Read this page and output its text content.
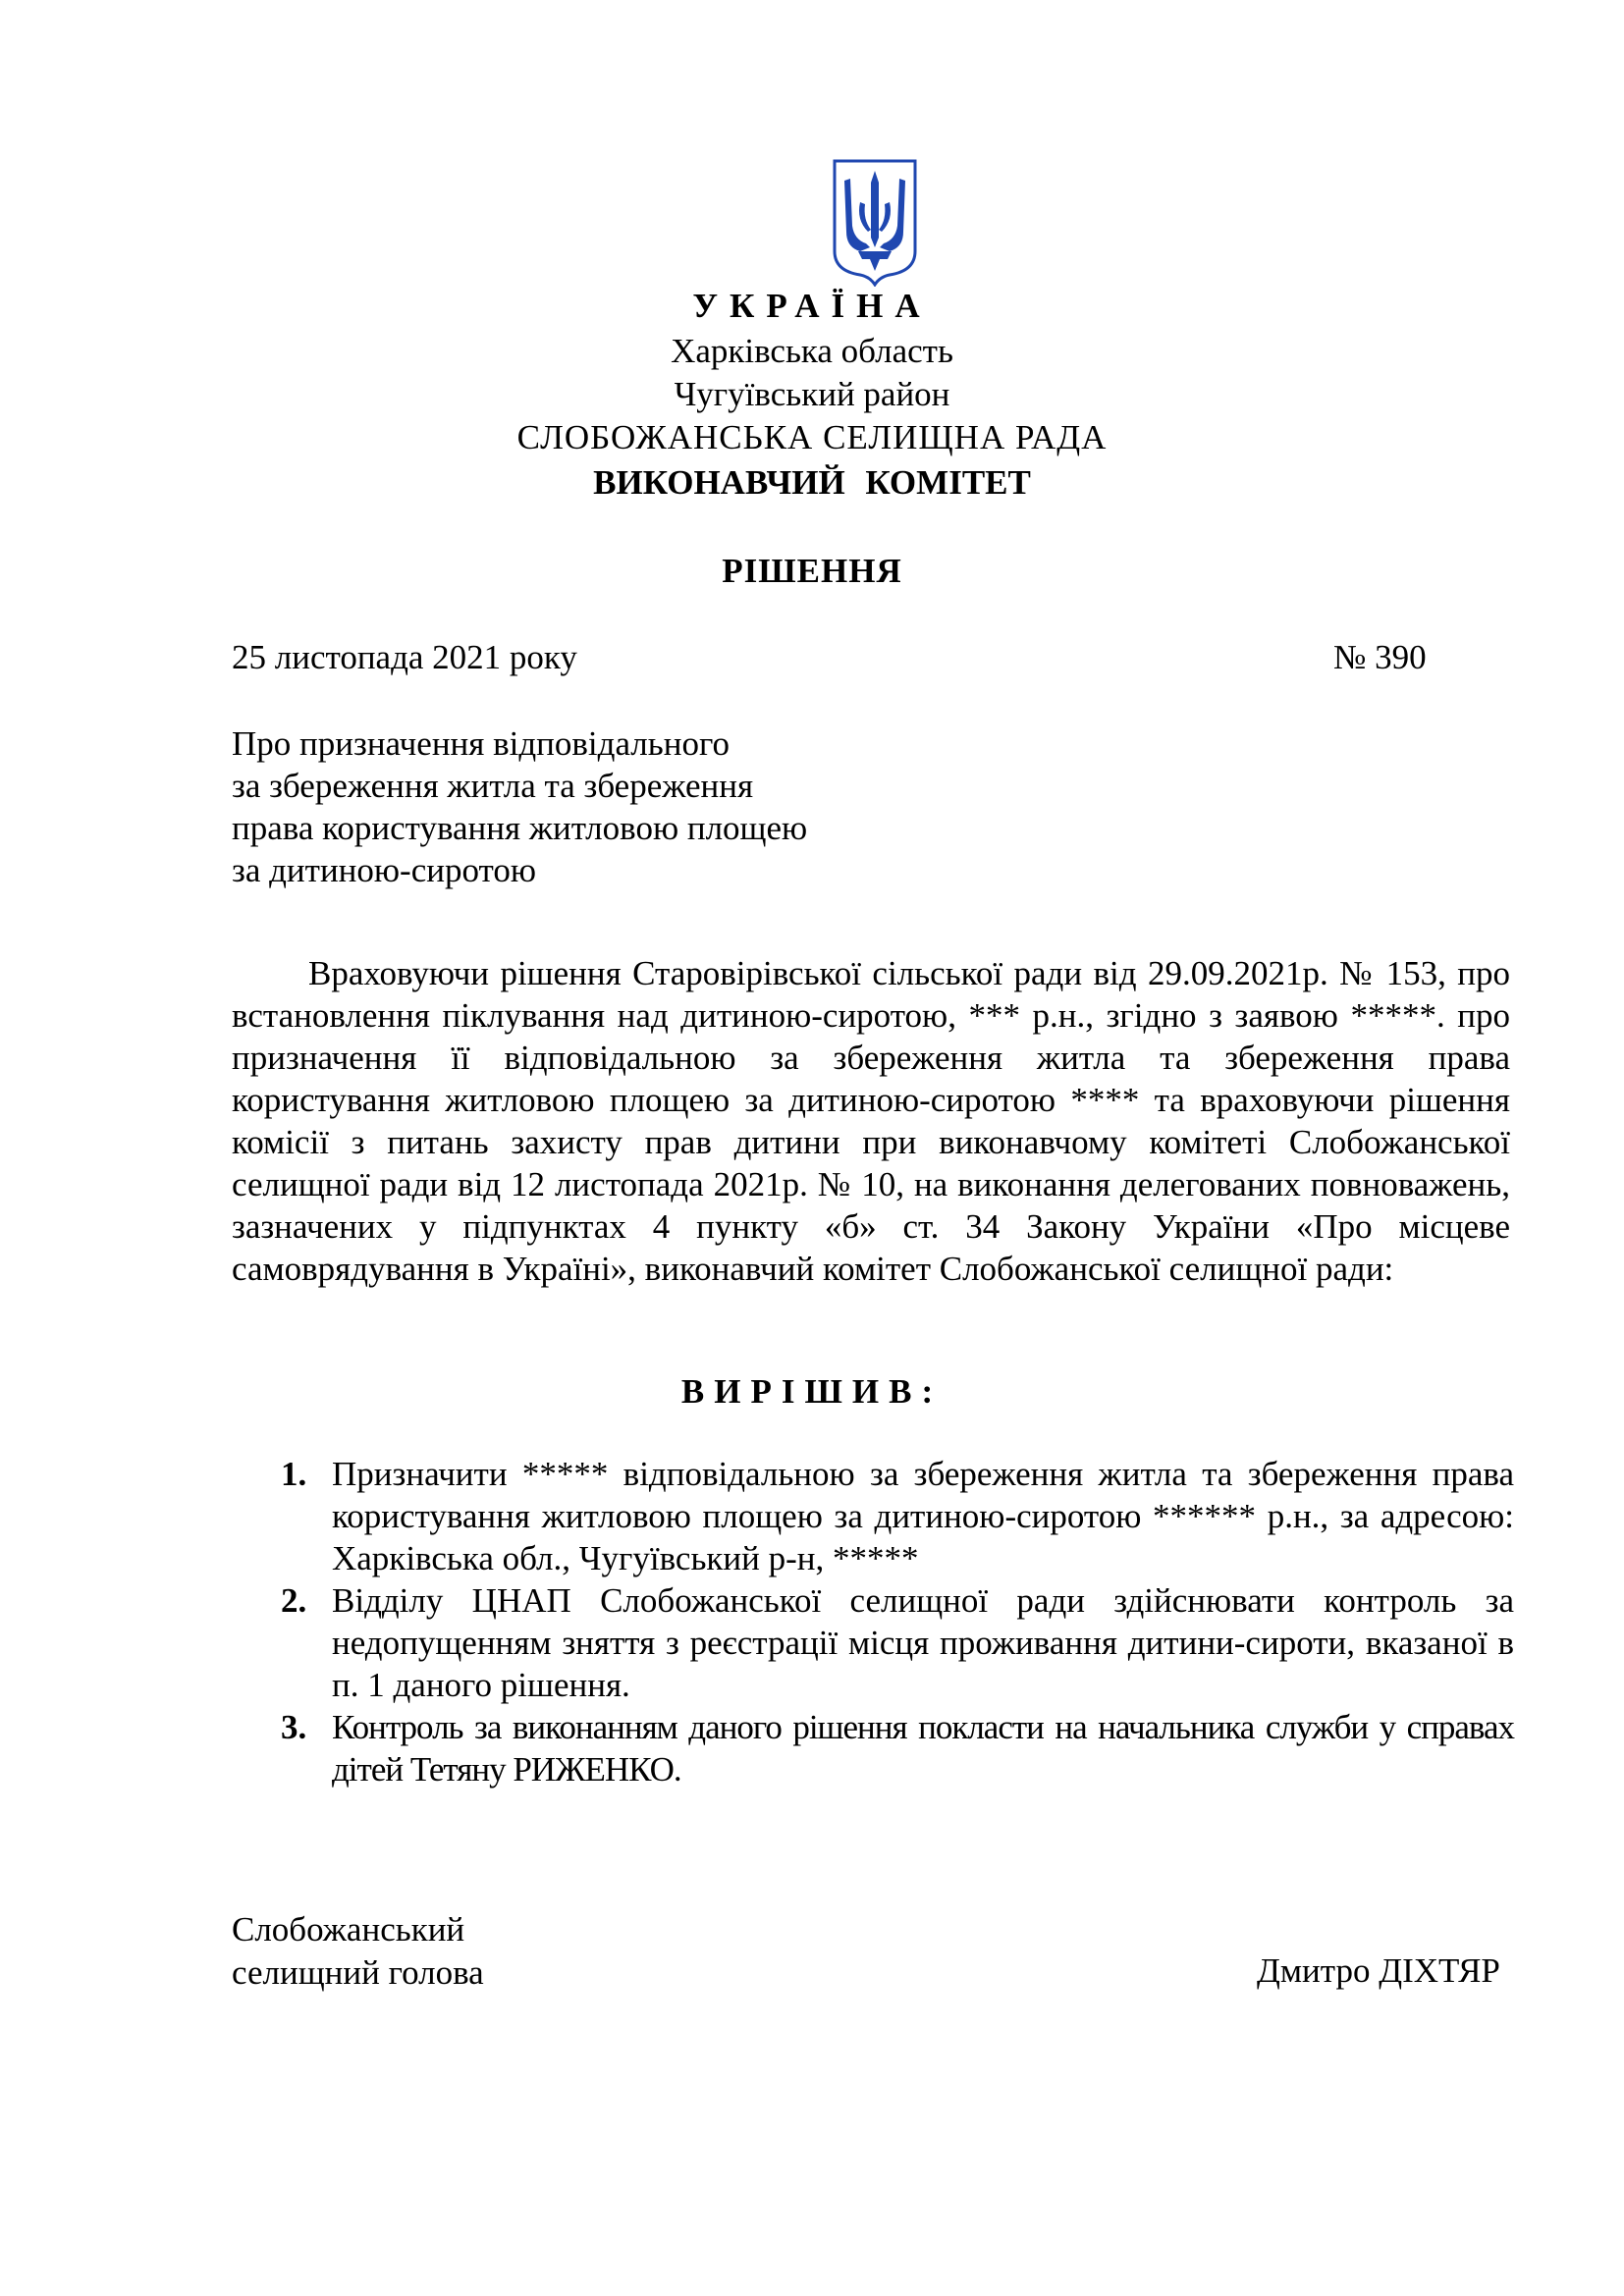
УКРАЇНА
Харківська область
Чугуївський район
СЛОБОЖАНСЬКА СЕЛИЩНА РАДА
ВИКОНАВЧИЙ КОМІТЕТ
РІШЕННЯ
25 листопада 2021 року	№ 390
Про призначення відповідального
за збереження житла та збереження
права користування житловою площею
за дитиною-сиротою
Враховуючи рішення Старовірівської сільської ради від 29.09.2021р. № 153, про встановлення піклування над дитиною-сиротою, *** р.н., згідно з заявою *****. про призначення її відповідальною за збереження житла та збереження права користування житловою площею за дитиною-сиротою **** та враховуючи рішення комісії з питань захисту прав дитини при виконавчому комітеті Слобожанської селищної ради від 12 листопада 2021р. № 10, на виконання делегованих повноважень, зазначених у підпунктах 4 пункту «б» ст. 34 Закону України «Про місцеве самоврядування в Україні», виконавчий комітет Слобожанської селищної ради:
ВИРІШИВ:
1. Призначити ***** відповідальною за збереження житла та збереження права користування житловою площею за дитиною-сиротою ****** р.н., за адресою: Харківська обл., Чугуївський р-н, *****
2. Відділу ЦНАП Слобожанської селищної ради здійснювати контроль за недопущенням зняття з реєстрації місця проживання дитини-сироти, вказаної в п. 1 даного рішення.
3. Контроль за виконанням даного рішення покласти на начальника служби у справах дітей Тетяну РИЖЕНКО.
Слобожанський
селищний голова	Дмитро ДІХТЯР
